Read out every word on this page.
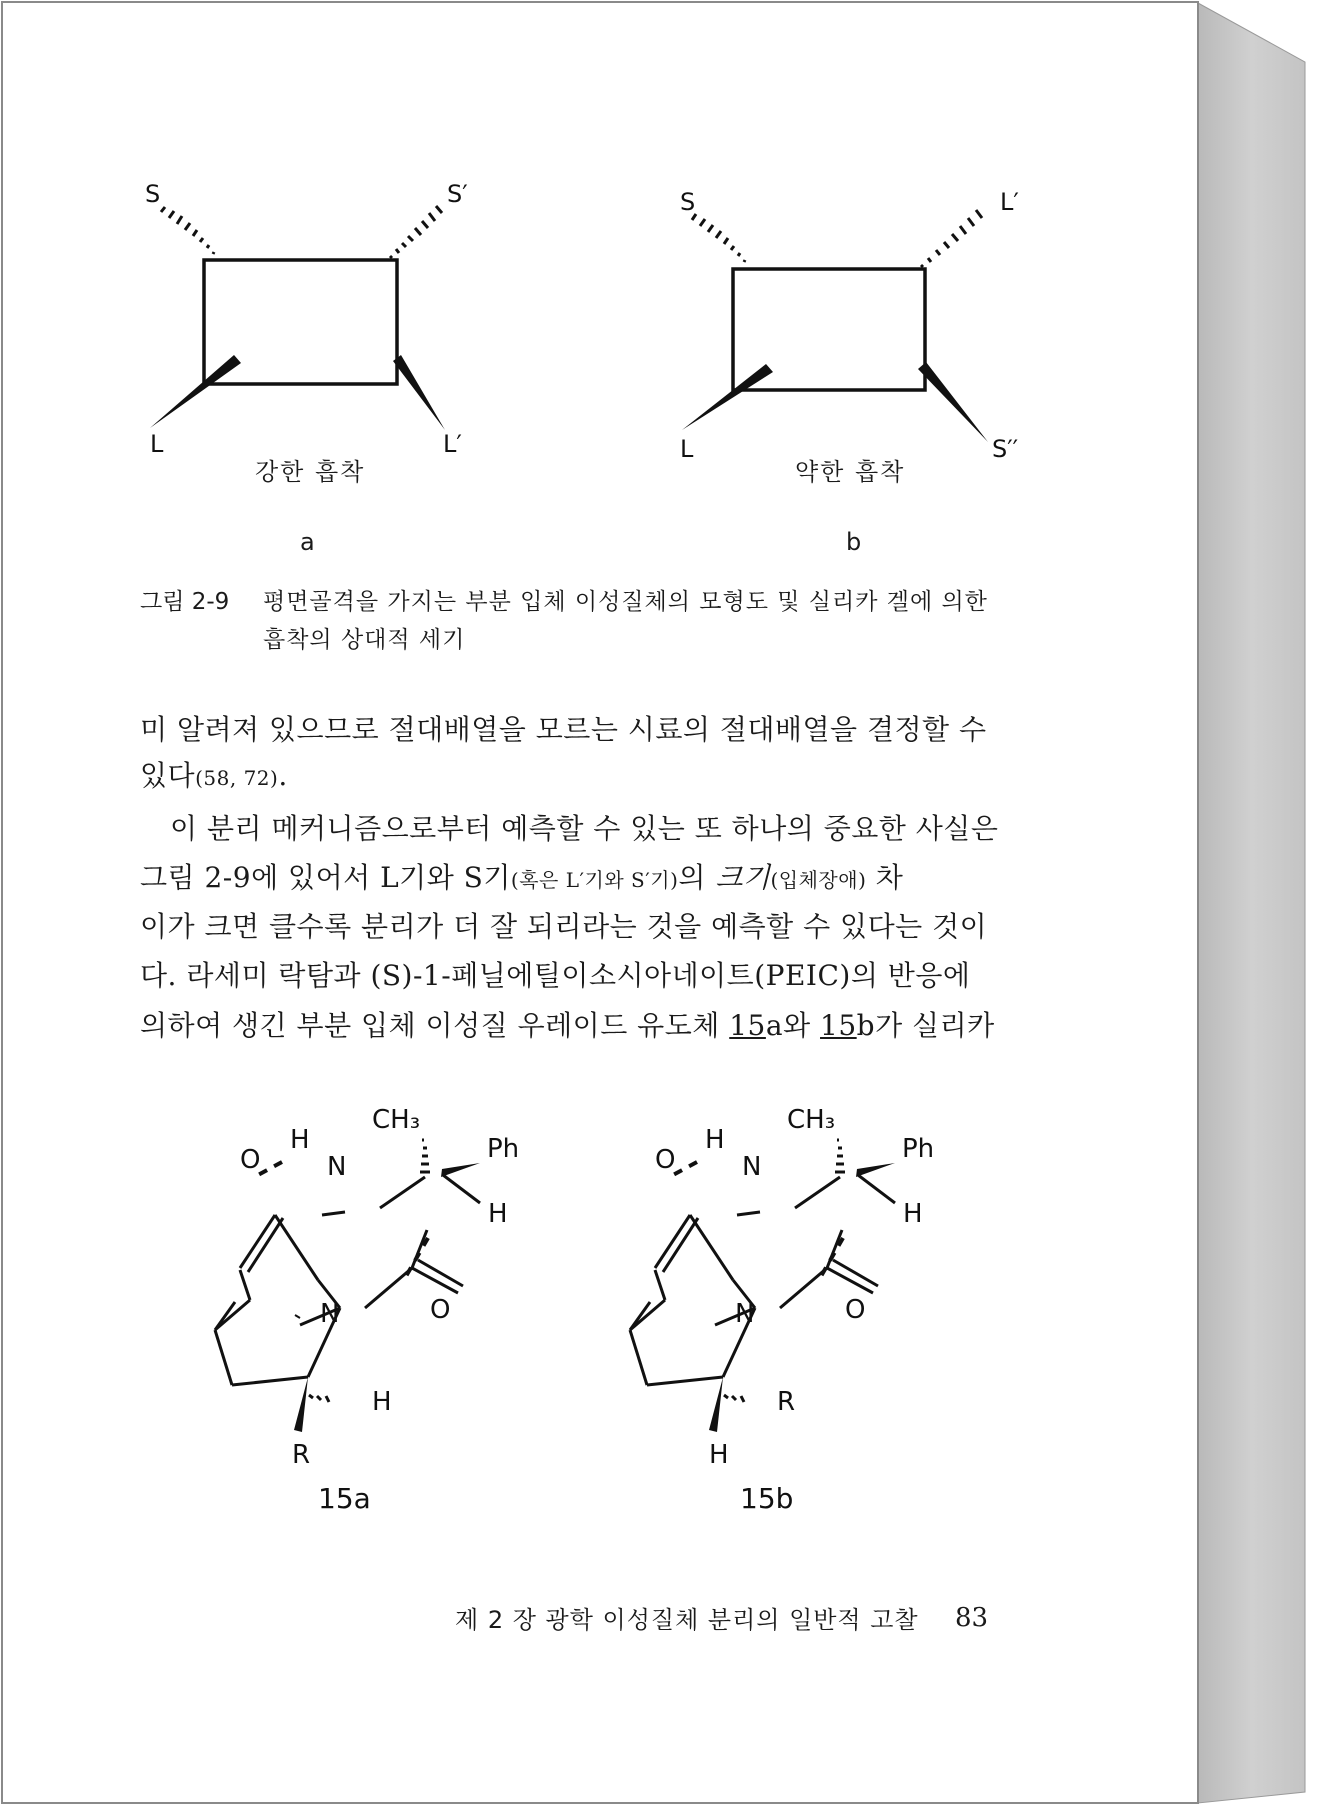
S	S′
L	L′
강한 흡착
a
S	L′
L	S′′
약한 흡착
b
그림 2-9 평면골격을 가지는 부분 입체 이성질체의 모형도 및 실리카 겔에 의한
흡착의 상대적 세기
미 알려져 있으므로 절대배열을 모르는 시료의 절대배열을 결정할 수
있다(58, 72).
이 분리 메커니즘으로부터 예측할 수 있는 또 하나의 중요한 사실은
그림 2-9에 있어서 L기와 S기(혹은 L′기와 S′기)의 크기(입체장애) 차
이가 크면 클수록 분리가 더 잘 되리라는 것을 예측할 수 있다는 것이
다. 라세미 락탐과 (S)-1-페닐에틸이소시아네이트(PEIC)의 반응에
의하여 생긴 부분 입체 이성질 우레이드 유도체 15a와 15b가 실리카
O
H
N
CH₃
Ph
H
N	O
H
R
15a
O
H
N
CH₃
Ph
H
N	O
R
H
15b
제 2 장 광학 이성질체 분리의 일반적 고찰 83
